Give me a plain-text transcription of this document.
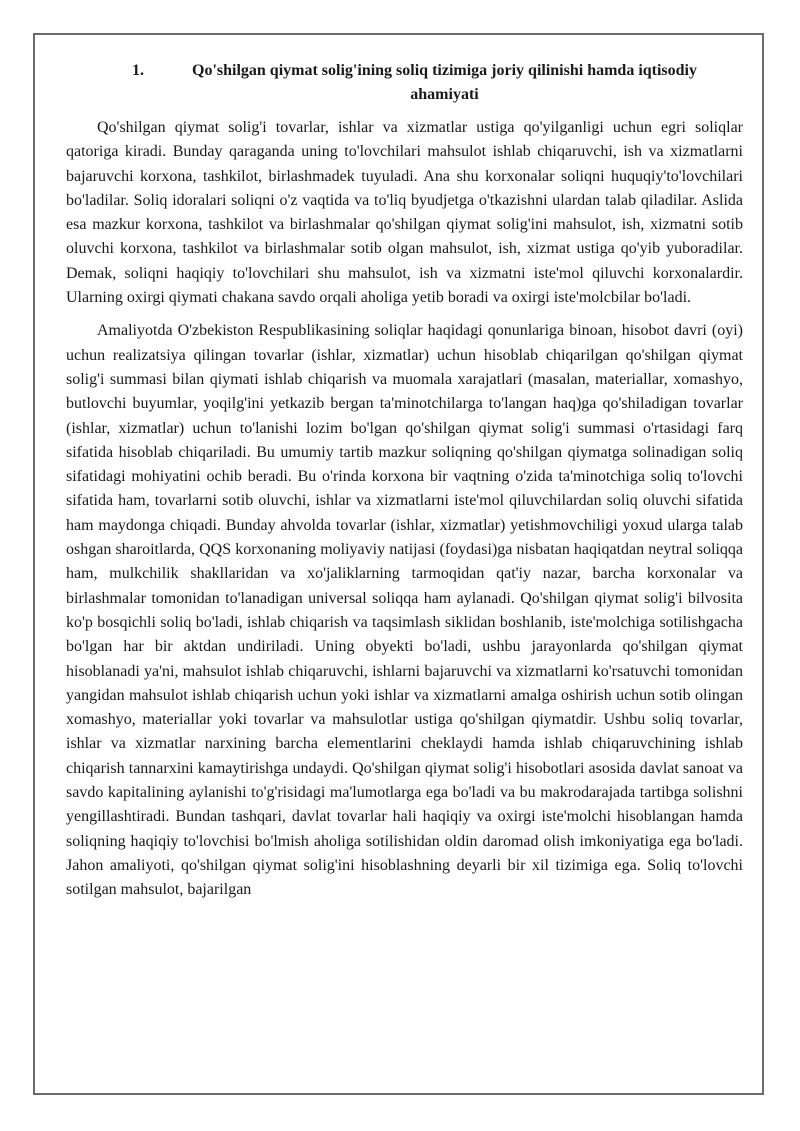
1.	Qo'shilgan qiymat solig'ining soliq tizimiga joriy qilinishi hamda iqtisodiy ahamiyati

Qo'shilgan qiymat solig'i tovarlar, ishlar va xizmatlar ustiga qo'yilganligi uchun egri soliqlar qatoriga kiradi. Bunday qaraganda uning to'lovchilari mahsulot ishlab chiqaruvchi, ish va xizmatlarni bajaruvchi korxona, tashkilot, birlashmadek tuyuladi. Ana shu korxonalar soliqni huquqiy'to'lovchilari bo'ladilar. Soliq idoralari soliqni o'z vaqtida va to'liq byudjetga o'tkazishni ulardan talab qiladilar. Aslida esa mazkur korxona, tashkilot va birlashmalar qo'shilgan qiymat solig'ini mahsulot, ish, xizmatni sotib oluvchi korxona, tashkilot va birlashmalar sotib olgan mahsulot, ish, xizmat ustiga qo'yib yuboradilar. Demak, soliqni haqiqiy to'lovchilari shu mahsulot, ish va xizmatni iste'mol qiluvchi korxonalardir. Ularning oxirgi qiymati chakana savdo orqali aholiga yetib boradi va oxirgi iste'molcbilar bo'ladi.

Amaliyotda O'zbekiston Respublikasining soliqlar haqidagi qonunlariga binoan, hisobot davri (oyi) uchun realizatsiya qilingan tovarlar (ishlar, xizmatlar) uchun hisoblab chiqarilgan qo'shilgan qiymat solig'i summasi bilan qiymati ishlab chiqarish va muomala xarajatlari (masalan, materiallar, xomashyo, butlovchi buyumlar, yoqilg'ini yetkazib bergan ta'minotchilarga to'langan haq)ga qo'shiladigan tovarlar (ishlar, xizmatlar) uchun to'lanishi lozim bo'lgan qo'shilgan qiymat solig'i summasi o'rtasidagi farq sifatida hisoblab chiqariladi. Bu umumiy tartib mazkur soliqning qo'shilgan qiymatga solinadigan soliq sifatidagi mohiyatini ochib beradi. Bu o'rinda korxona bir vaqtning o'zida ta'minotchiga soliq to'lovchi sifatida ham, tovarlarni sotib oluvchi, ishlar va xizmatlarni iste'mol qiluvchilardan soliq oluvchi sifatida ham maydonga chiqadi. Bunday ahvolda tovarlar (ishlar, xizmatlar) yetishmovchiligi yoxud ularga talab oshgan sharoitlarda, QQS korxonaning moliyaviy natijasi (foydasi)ga nisbatan haqiqatdan neytral soliqqa ham, mulkchilik shakllaridan va xo'jaliklarning tarmoqidan qat'iy nazar, barcha korxonalar va birlashmalar tomonidan to'lanadigan universal soliqqa ham aylanadi. Qo'shilgan qiymat solig'i bilvosita ko'p bosqichli soliq bo'ladi, ishlab chiqarish va taqsimlash siklidan boshlanib, iste'molchiga sotilishgacha bo'lgan har bir aktdan undiriladi. Uning obyekti bo'ladi, ushbu jarayonlarda qo'shilgan qiymat hisoblanadi ya'ni, mahsulot ishlab chiqaruvchi, ishlarni bajaruvchi va xizmatlarni ko'rsatuvchi tomonidan yangidan mahsulot ishlab chiqarish uchun yoki ishlar va xizmatlarni amalga oshirish uchun sotib olingan xomashyo, materiallar yoki tovarlar va mahsulotlar ustiga qo'shilgan qiymatdir. Ushbu soliq tovarlar, ishlar va xizmatlar narxining barcha elementlarini cheklaydi hamda ishlab chiqaruvchining ishlab chiqarish tannarxini kamaytirishga undaydi. Qo'shilgan qiymat solig'i hisobotlari asosida davlat sanoat va savdo kapitalining aylanishi to'g'risidagi ma'lumotlarga ega bo'ladi va bu makrodarajada tartibga solishni yengillashtiradi. Bundan tashqari, davlat tovarlar hali haqiqiy va oxirgi iste'molchi hisoblangan hamda soliqning haqiqiy to'lovchisi bo'lmish aholiga sotilishidan oldin daromad olish imkoniyatiga ega bo'ladi. Jahon amaliyoti, qo'shilgan qiymat solig'ini hisoblashning deyarli bir xil tizimiga ega. Soliq to'lovchi sotilgan mahsulot, bajarilgan
